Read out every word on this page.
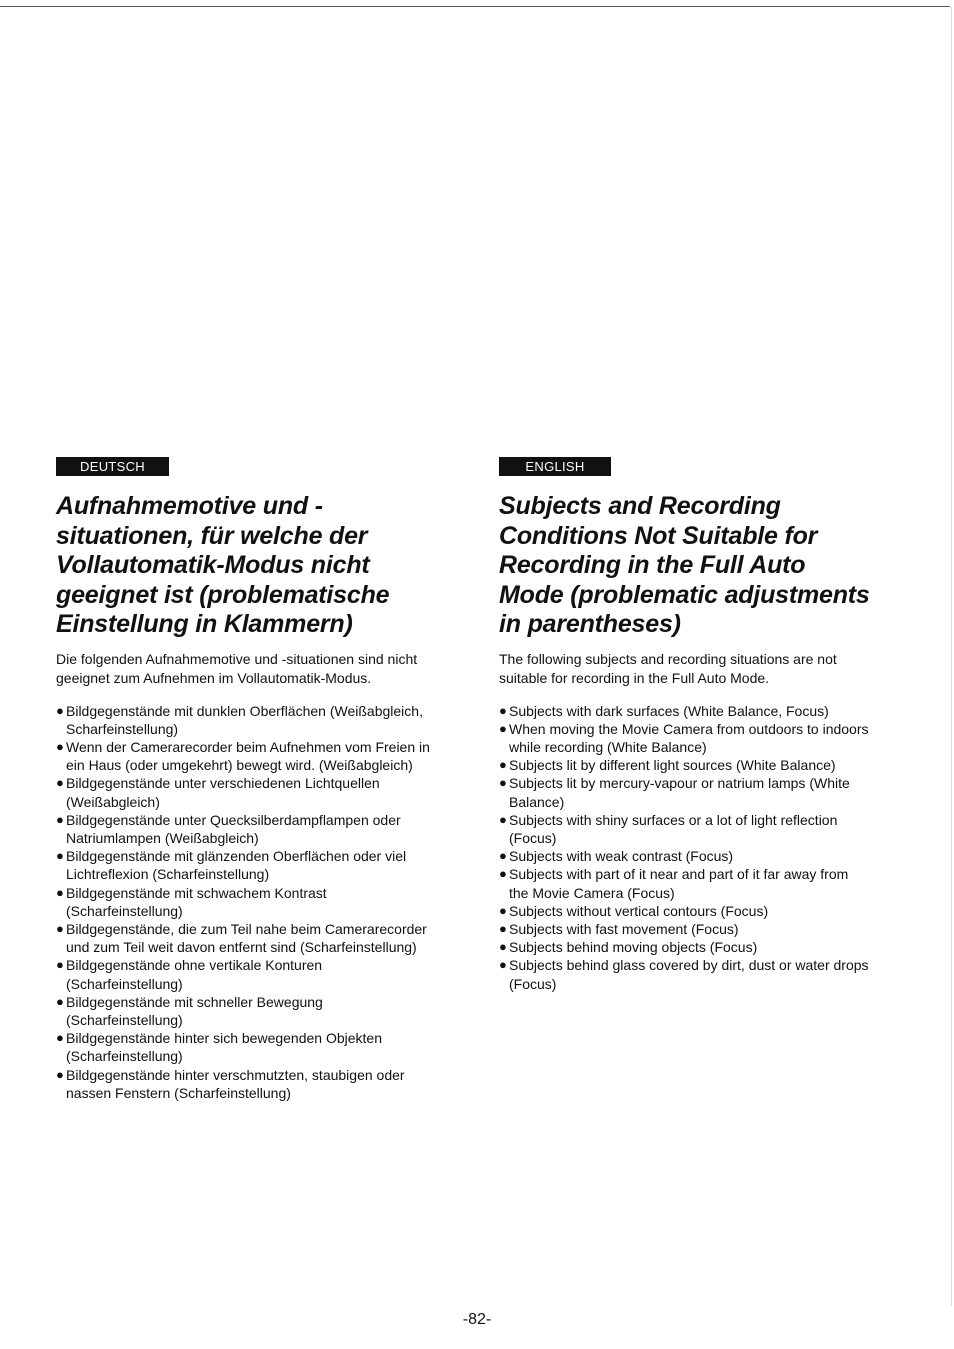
DEUTSCH
Aufnahmemotive und -situationen, für welche der Vollautomatik-Modus nicht geeignet ist (problematische Einstellung in Klammern)

Die folgenden Aufnahmemotive und -situationen sind nicht geeignet zum Aufnehmen im Vollautomatik-Modus.

● Bildgegenstände mit dunklen Oberflächen (Weißabgleich, Scharfeinstellung)
● Wenn der Camerarecorder beim Aufnehmen vom Freien in ein Haus (oder umgekehrt) bewegt wird. (Weißabgleich)
● Bildgegenstände unter verschiedenen Lichtquellen (Weißabgleich)
● Bildgegenstände unter Quecksilberdampflampen oder Natriumlampen (Weißabgleich)
● Bildgegenstände mit glänzenden Oberflächen oder viel Lichtreflexion (Scharfeinstellung)
● Bildgegenstände mit schwachem Kontrast (Scharfeinstellung)
● Bildgegenstände, die zum Teil nahe beim Camerarecorder und zum Teil weit davon entfernt sind (Scharfeinstellung)
● Bildgegenstände ohne vertikale Konturen (Scharfeinstellung)
● Bildgegenstände mit schneller Bewegung (Scharfeinstellung)
● Bildgegenstände hinter sich bewegenden Objekten (Scharfeinstellung)
● Bildgegenstände hinter verschmutzten, staubigen oder nassen Fenstern (Scharfeinstellung)
ENGLISH
Subjects and Recording Conditions Not Suitable for Recording in the Full Auto Mode (problematic adjustments in parentheses)

The following subjects and recording situations are not suitable for recording in the Full Auto Mode.

● Subjects with dark surfaces (White Balance, Focus)
● When moving the Movie Camera from outdoors to indoors while recording (White Balance)
● Subjects lit by different light sources (White Balance)
● Subjects lit by mercury-vapour or natrium lamps (White Balance)
● Subjects with shiny surfaces or a lot of light reflection (Focus)
● Subjects with weak contrast (Focus)
● Subjects with part of it near and part of it far away from the Movie Camera (Focus)
● Subjects without vertical contours (Focus)
● Subjects with fast movement (Focus)
● Subjects behind moving objects (Focus)
● Subjects behind glass covered by dirt, dust or water drops (Focus)
-82-
